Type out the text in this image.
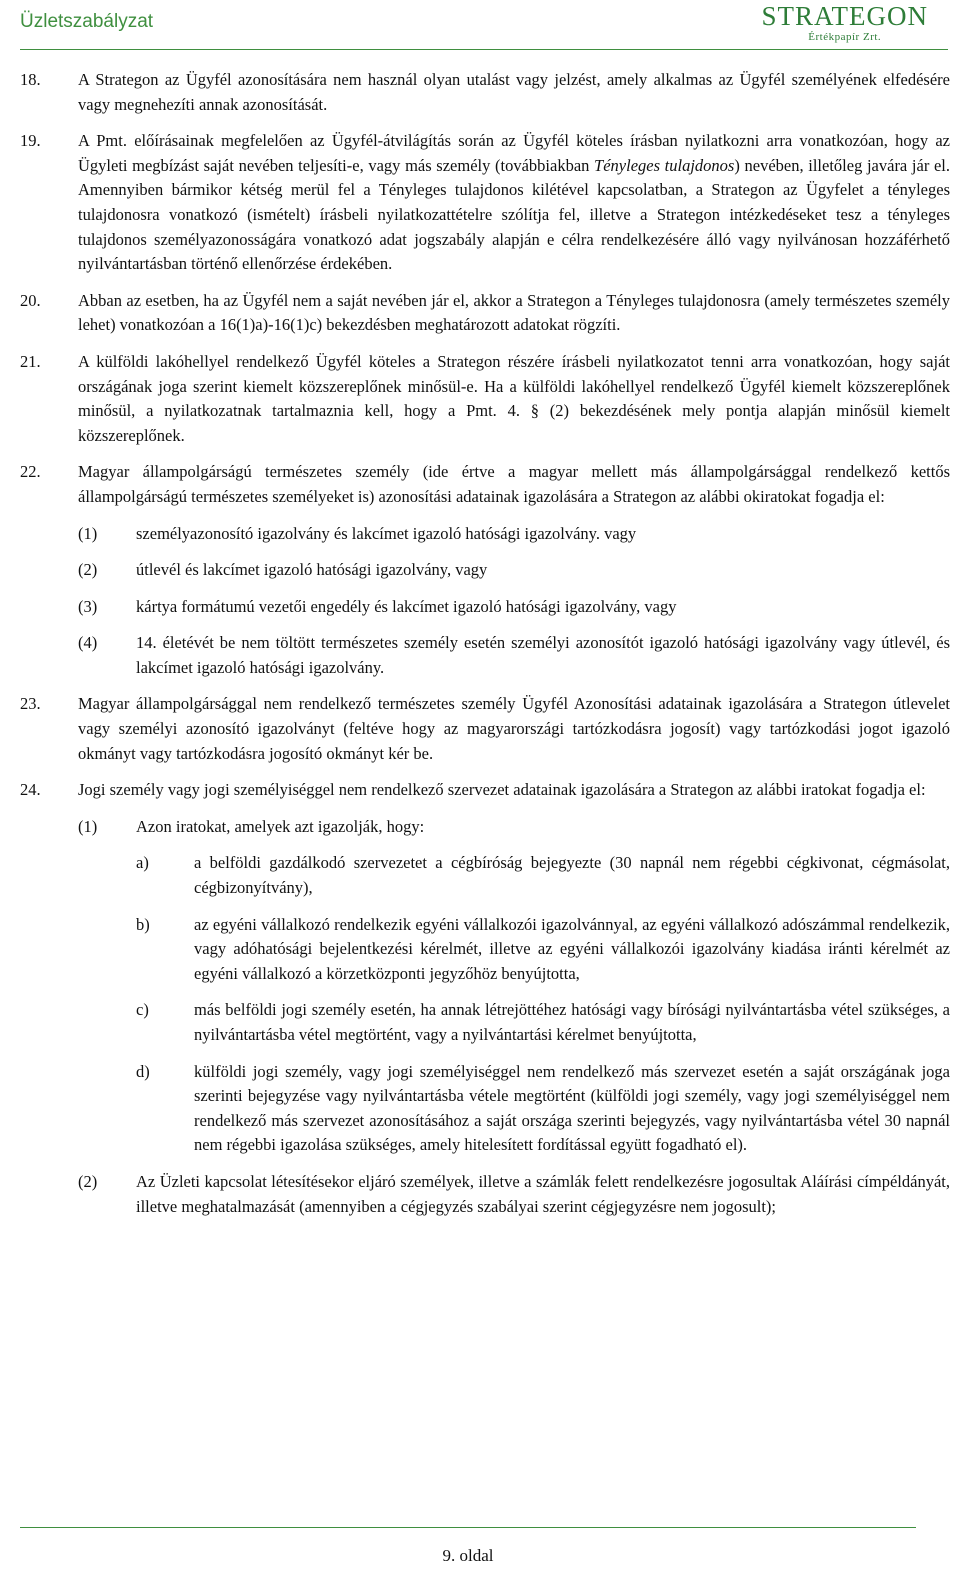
Üzletszabályzat	STRATEGON
Értékpapír Zrt.
18. A Strategon az Ügyfél azonosítására nem használ olyan utalást vagy jelzést, amely alkalmas az Ügyfél személyének elfedésére vagy megnehezíti annak azonosítását.
19. A Pmt. előírásainak megfelelően az Ügyfél-átvilágítás során az Ügyfél köteles írásban nyilatkozni arra vonatkozóan, hogy az Ügyleti megbízást saját nevében teljesíti-e, vagy más személy (továbbiakban Tényleges tulajdonos) nevében, illetőleg javára jár el. Amennyiben bármikor kétség merül fel a Tényleges tulajdonos kilétével kapcsolatban, a Strategon az Ügyfelet a tényleges tulajdonosra vonatkozó (ismételt) írásbeli nyilatkozattételre szólítja fel, illetve a Strategon intézkedéseket tesz a tényleges tulajdonos személyazonosságára vonatkozó adat jogszabály alapján e célra rendelkezésére álló vagy nyilvánosan hozzáférhető nyilvántartásban történő ellenőrzése érdekében.
20. Abban az esetben, ha az Ügyfél nem a saját nevében jár el, akkor a Strategon a Tényleges tulajdonosra (amely természetes személy lehet) vonatkozóan a 16(1)a)-16(1)c) bekezdésben meghatározott adatokat rögzíti.
21. A külföldi lakóhellyel rendelkező Ügyfél köteles a Strategon részére írásbeli nyilatkozatot tenni arra vonatkozóan, hogy saját országának joga szerint kiemelt közszereplőnek minősül-e. Ha a külföldi lakóhellyel rendelkező Ügyfél kiemelt közszereplőnek minősül, a nyilatkozatnak tartalmaznia kell, hogy a Pmt. 4. § (2) bekezdésének mely pontja alapján minősül kiemelt közszereplőnek.
22. Magyar állampolgárságú természetes személy (ide értve a magyar mellett más állampolgársággal rendelkező kettős állampolgárságú természetes személyeket is) azonosítási adatainak igazolására a Strategon az alábbi okiratokat fogadja el:
(1) személyazonosító igazolvány és lakcímet igazoló hatósági igazolvány. vagy
(2) útlevél és lakcímet igazoló hatósági igazolvány, vagy
(3) kártya formátumú vezetői engedély és lakcímet igazoló hatósági igazolvány, vagy
(4) 14. életévét be nem töltött természetes személy esetén személyi azonosítót igazoló hatósági igazolvány vagy útlevél, és lakcímet igazoló hatósági igazolvány.
23. Magyar állampolgársággal nem rendelkező természetes személy Ügyfél Azonosítási adatainak igazolására a Strategon útlevelet vagy személyi azonosító igazolványt (feltéve hogy az magyarországi tartózkodásra jogosít) vagy tartózkodási jogot igazoló okmányt vagy tartózkodásra jogosító okmányt kér be.
24. Jogi személy vagy jogi személyiséggel nem rendelkező szervezet adatainak igazolására a Strategon az alábbi iratokat fogadja el:
(1) Azon iratokat, amelyek azt igazolják, hogy:
a)	a belföldi gazdálkodó szervezetet a cégbíróság bejegyezte (30 napnál nem régebbi cégkivonat, cégmásolat, cégbizonyítvány),
b)	az egyéni vállalkozó rendelkezik egyéni vállalkozói igazolvánnyal, az egyéni vállalkozó adószámmal rendelkezik, vagy adóhatósági bejelentkezési kérelmét, illetve az egyéni vállalkozói igazolvány kiadása iránti kérelmét az egyéni vállalkozó a körzetközponti jegyzőhöz benyújtotta,
c)	más belföldi jogi személy esetén, ha annak létrejöttéhez hatósági vagy bírósági nyilvántartásba vétel szükséges, a nyilvántartásba vétel megtörtént, vagy a nyilvántartási kérelmet benyújtotta,
d)	külföldi jogi személy, vagy jogi személyiséggel nem rendelkező más szervezet esetén a saját országának joga szerinti bejegyzése vagy nyilvántartásba vétele megtörtént (külföldi jogi személy, vagy jogi személyiséggel nem rendelkező más szervezet azonosításához a saját országa szerinti bejegyzés, vagy nyilvántartásba vétel 30 napnál nem régebbi igazolása szükséges, amely hitelesített fordítással együtt fogadható el).
(2) Az Üzleti kapcsolat létesítésekor eljáró személyek, illetve a számlák felett rendelkezésre jogosultak Aláírási címpéldányát, illetve meghatalmazását (amennyiben a cégjegyzés szabályai szerint cégjegyzésre nem jogosult);
9. oldal
